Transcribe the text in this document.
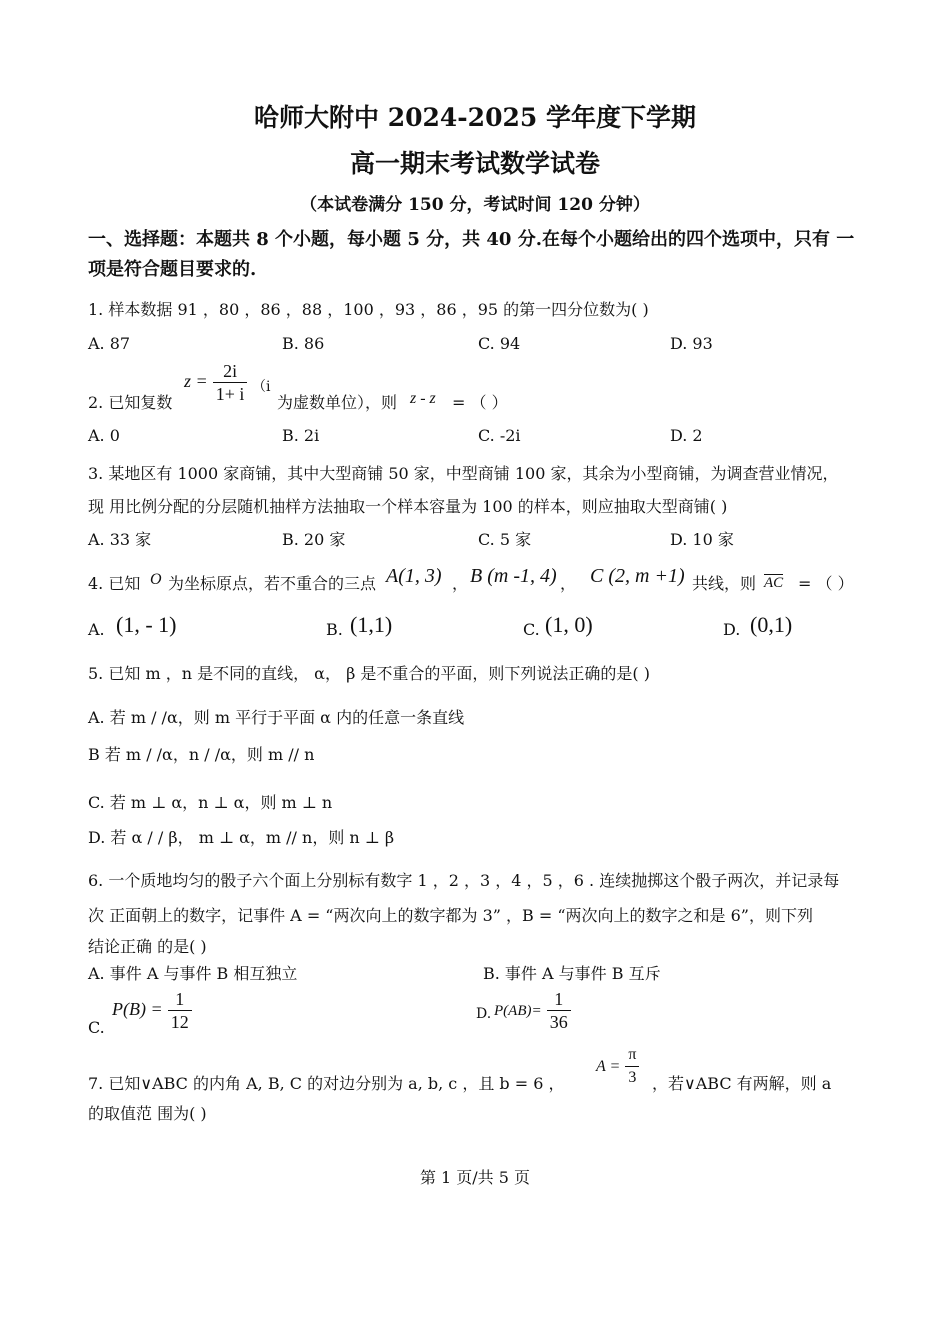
哈师大附中 2024-2025 学年度下学期
高一期末考试数学试卷
（本试卷满分 150 分，考试时间 120 分钟）
一、选择题：本题共 8 个小题，每小题 5 分，共 40 分.在每个小题给出的四个选项中，只有 一项是符合题目要求的.
1. 样本数据 91 ，80 ，86 ，88 ，100 ，93 ，86 ，95 的第一四分位数为( )
A. 87	B. 86	C. 94	D. 93
2. 已知复数
$z = \frac{2i}{1+ i} (i$
为虚数单位），则 z - z = （ ）
A. 0	B. 2i	C. -2i	D. 2
3. 某地区有 1000 家商铺，其中大型商铺 50 家，中型商铺 100 家，其余为小型商铺，为调查营业情况，
现 用比例分配的分层随机抽样方法抽取一个样本容量为 100 的样本，则应抽取大型商铺( )
A. 33 家	B. 20 家	C. 5 家	D. 10 家
4. 已知 O 为坐标原点，若不重合的三点 A(1, 3) ， B (m -1, 4) ， C (2, m +1) 共线，则 AC = （ ）
A. (1, - 1)	B. (1,1)	C. (1, 0)	D. (0,1)
5. 已知 m ，n 是不同的直线， α， β 是不重合的平面，则下列说法正确的是( )
A. 若 m / /α，则 m 平行于平面 α 内的任意一条直线
B 若 m / /α，n / /α，则 m // n
C. 若 m ⊥ α，n ⊥ α，则 m ⊥ n
D. 若 α / / β， m ⊥ α，m // n，则 n ⊥ β
6. 一个质地均匀的骰子六个面上分别标有数字 1 ，2 ，3 ，4 ，5 ，6 . 连续抛掷这个骰子两次，并记录每
次 正面朝上的数字，记事件 A = “两次向上的数字都为 3” ，B = “两次向上的数字之和是 6”，则下列
结论正确 的是( )
A. 事件 A 与事件 B 相互独立	B. 事件 A 与事件 B 互斥
C.
$P(B) = \frac{1}{12}$	D. $P(AB)= \frac{1}{36}$
7. 已知∨ABC 的内角 A, B, C 的对边分别为 a, b, c ，且 b = 6 ，
$A = \frac{\pi}{3}$ ，若∨ABC 有两解，则 a
的取值范 围为( )
第 1 页/共 5 页
